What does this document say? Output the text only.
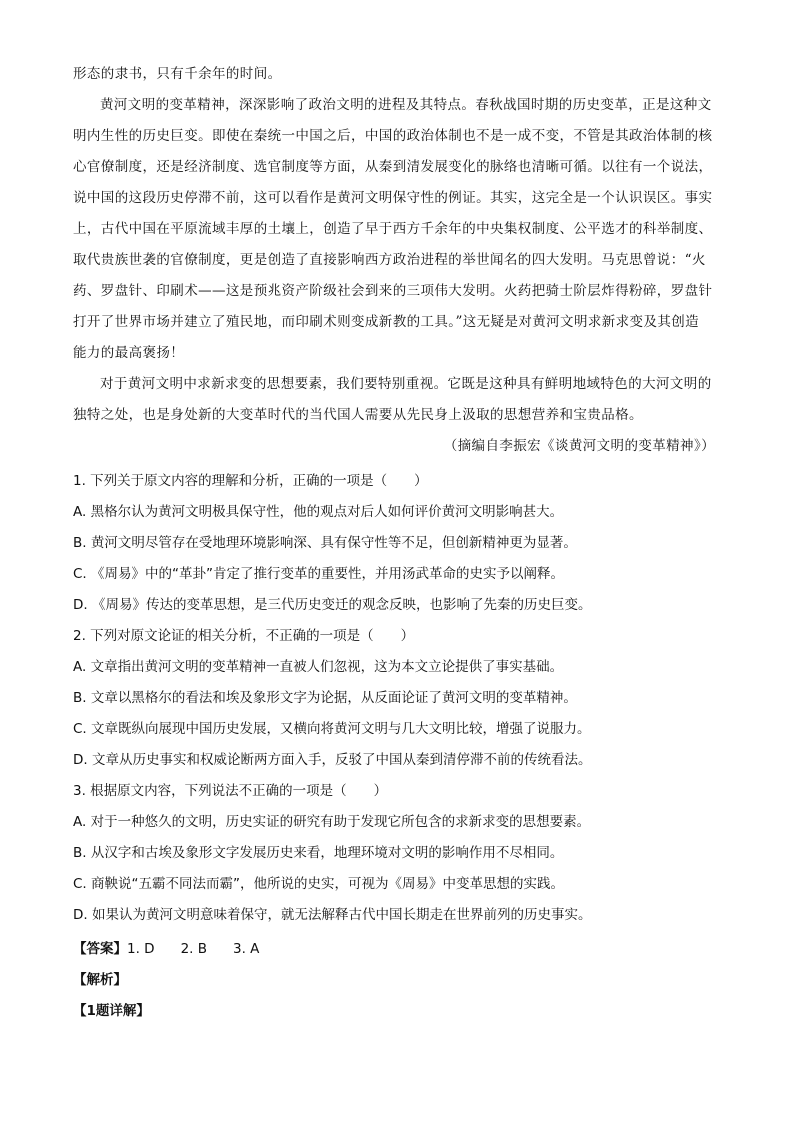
形态的隶书，只有千余年的时间。
黄河文明的变革精神，深深影响了政治文明的进程及其特点。春秋战国时期的历史变革，正是这种文
明内生性的历史巨变。即使在秦统一中国之后，中国的政治体制也不是一成不变，不管是其政治体制的核
心官僚制度，还是经济制度、选官制度等方面，从秦到清发展变化的脉络也清晰可循。以往有一个说法，
说中国的这段历史停滞不前，这可以看作是黄河文明保守性的例证。其实，这完全是一个认识误区。事实
上，古代中国在平原流域丰厚的土壤上，创造了早于西方千余年的中央集权制度、公平选才的科举制度、
取代贵族世袭的官僚制度，更是创造了直接影响西方政治进程的举世闻名的四大发明。马克思曾说：“火
药、罗盘针、印刷术——这是预兆资产阶级社会到来的三项伟大发明。火药把骑士阶层炸得粉碎，罗盘针
打开了世界市场并建立了殖民地，而印刷术则变成新教的工具。”这无疑是对黄河文明求新求变及其创造
能力的最高褒扬！
对于黄河文明中求新求变的思想要素，我们要特别重视。它既是这种具有鲜明地域特色的大河文明的
独特之处，也是身处新的大变革时代的当代国人需要从先民身上汲取的思想营养和宝贵品格。
（摘编自李振宏《谈黄河文明的变革精神》）
1. 下列关于原文内容的理解和分析，正确的一项是（　　）
A. 黑格尔认为黄河文明极具保守性，他的观点对后人如何评价黄河文明影响甚大。
B. 黄河文明尽管存在受地理环境影响深、具有保守性等不足，但创新精神更为显著。
C. 《周易》中的“革卦”肯定了推行变革的重要性，并用汤武革命的史实予以阐释。
D. 《周易》传达的变革思想，是三代历史变迁的观念反映，也影响了先秦的历史巨变。
2. 下列对原文论证的相关分析，不正确的一项是（　　）
A. 文章指出黄河文明的变革精神一直被人们忽视，这为本文立论提供了事实基础。
B. 文章以黑格尔的看法和埃及象形文字为论据，从反面论证了黄河文明的变革精神。
C. 文章既纵向展现中国历史发展，又横向将黄河文明与几大文明比较，增强了说服力。
D. 文章从历史事实和权威论断两方面入手，反驳了中国从秦到清停滞不前的传统看法。
3. 根据原文内容，下列说法不正确的一项是（　　）
A. 对于一种悠久的文明，历史实证的研究有助于发现它所包含的求新求变的思想要素。
B. 从汉字和古埃及象形文字发展历史来看，地理环境对文明的影响作用不尽相同。
C. 商鞅说“五霸不同法而霸”，他所说的史实，可视为《周易》中变革思想的实践。
D. 如果认为黄河文明意味着保守，就无法解释古代中国长期走在世界前列的历史事实。
【答案】1. D 2. B 3. A
【解析】
【1题详解】
